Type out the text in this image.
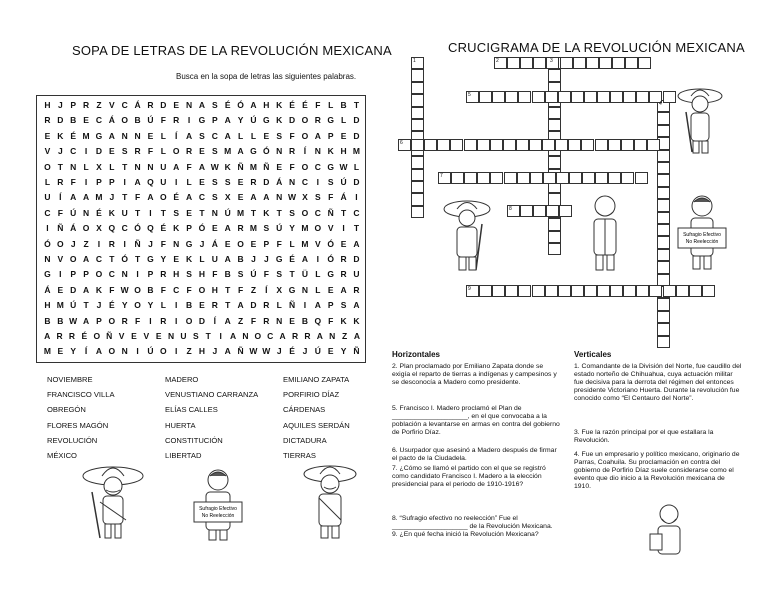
SOPA DE LETRAS DE LA REVOLUCIÓN MEXICANA
Busca en la sopa de letras las siguientes palabras.
H J P R Z V C Á R D E N A S É Ó A H K É É F L B T
R D B E C Á O B Ú F R	I G P A Y Ú G K D O R G L D
E K É M G A N N E L	Í	A S C A L L E S F O A P E D
V J C	I	D E S R F L O R E S M A G Ó N R	Í	N K H M
O T N L X L T N N U A F A W K Ñ M Ñ E F O C G W L
L R F	I	P P	I	A Q U	I	L E S S E R D Á N C	I	S Ú D
U	Í	A A M J T F A O É A C S X E A A N W X S F Á	I
C F Ú N É K U T	I	T S E T N Ú M T K T S O C Ñ T C
I	Ñ Á O X Q C Ó Q É K P Ó E A R M S Ú Y M O V	I	T
Ó O J Z	I	R	I	Ñ J F N G J Á E O E P F L M V Ó E A
N V O A C T Ó T G Y E K L U A B J J G É A	I Ó R D
G I	P P O C N	I	P R H S H F B S Ú F S T Ü L G R U
Á E D A K F W O B F C F O H T F Z	Í	X G N L E A R
H M Ú T J É Y O Y L	I	B E R T A D R L Ñ	I	A P S A
B B W A P O R F	I	R	I O D	Í	A Z F R N E B Q F K K
A R R É O Ñ V E V E N U S T	I A N O C A R R A N Z A
M E Y	Í	A O N	I	Ú O I	Z H J A Ñ W W J É J Ú E Y Ñ
NOVIEMBRE
FRANCISCO VILLA
OBREGÓN
FLORES MAGÓN
REVOLUCIÓN
MÉXICO
MADERO
VENUSTIANO CARRANZA
ELÍAS CALLES
HUERTA
CONSTITUCIÓN
LIBERTAD
EMILIANO ZAPATA
PORFIRIO DÍAZ
CÁRDENAS
AQUILES SERDÁN
DICTADURA
TIERRAS
Sufragio Efectivo
No Reelección
CRUCIGRAMA DE LA REVOLUCIÓN MEXICANA
1	2	3
4
5
6
7
8
9
Sufragio Efectivo
No Reelección
Horizontales
2. Plan proclamado por Emiliano Zapata donde se exigía el reparto de tierras a indígenas y campesinos y se desconocía a Madero como presidente.
5. Francisco I. Madero proclamó el Plan de ____________________, en el que convocaba a la población a levantarse en armas en contra del gobierno de Porfirio Díaz.
6. Usurpador que asesinó a Madero después de firmar el pacto de la Ciudadela.
7. ¿Cómo se llamó el partido con el que se registró como candidato Francisco I. Madero a la elección presidencial para el periodo de 1910-1916?
8. “Sufragio efectivo no reelección” Fue el ____________________ de la Revolución Mexicana.
9. ¿En qué fecha inició la Revolución Mexicana?
Verticales
1. Comandante de la División del Norte, fue caudillo del estado norteño de Chihuahua, cuya actuación militar fue decisiva para la derrota del régimen del entonces presidente Victoriano Huerta. Durante la revolución fue conocido como “El Centauro del Norte”.
3. Fue la razón principal por el que estallara la Revolución.
4. Fue un empresario y político mexicano, originario de Parras, Coahuila. Su proclamación en contra del gobierno de Porfirio Díaz suele considerarse como el evento que dio inicio a la Revolución mexicana de 1910.
